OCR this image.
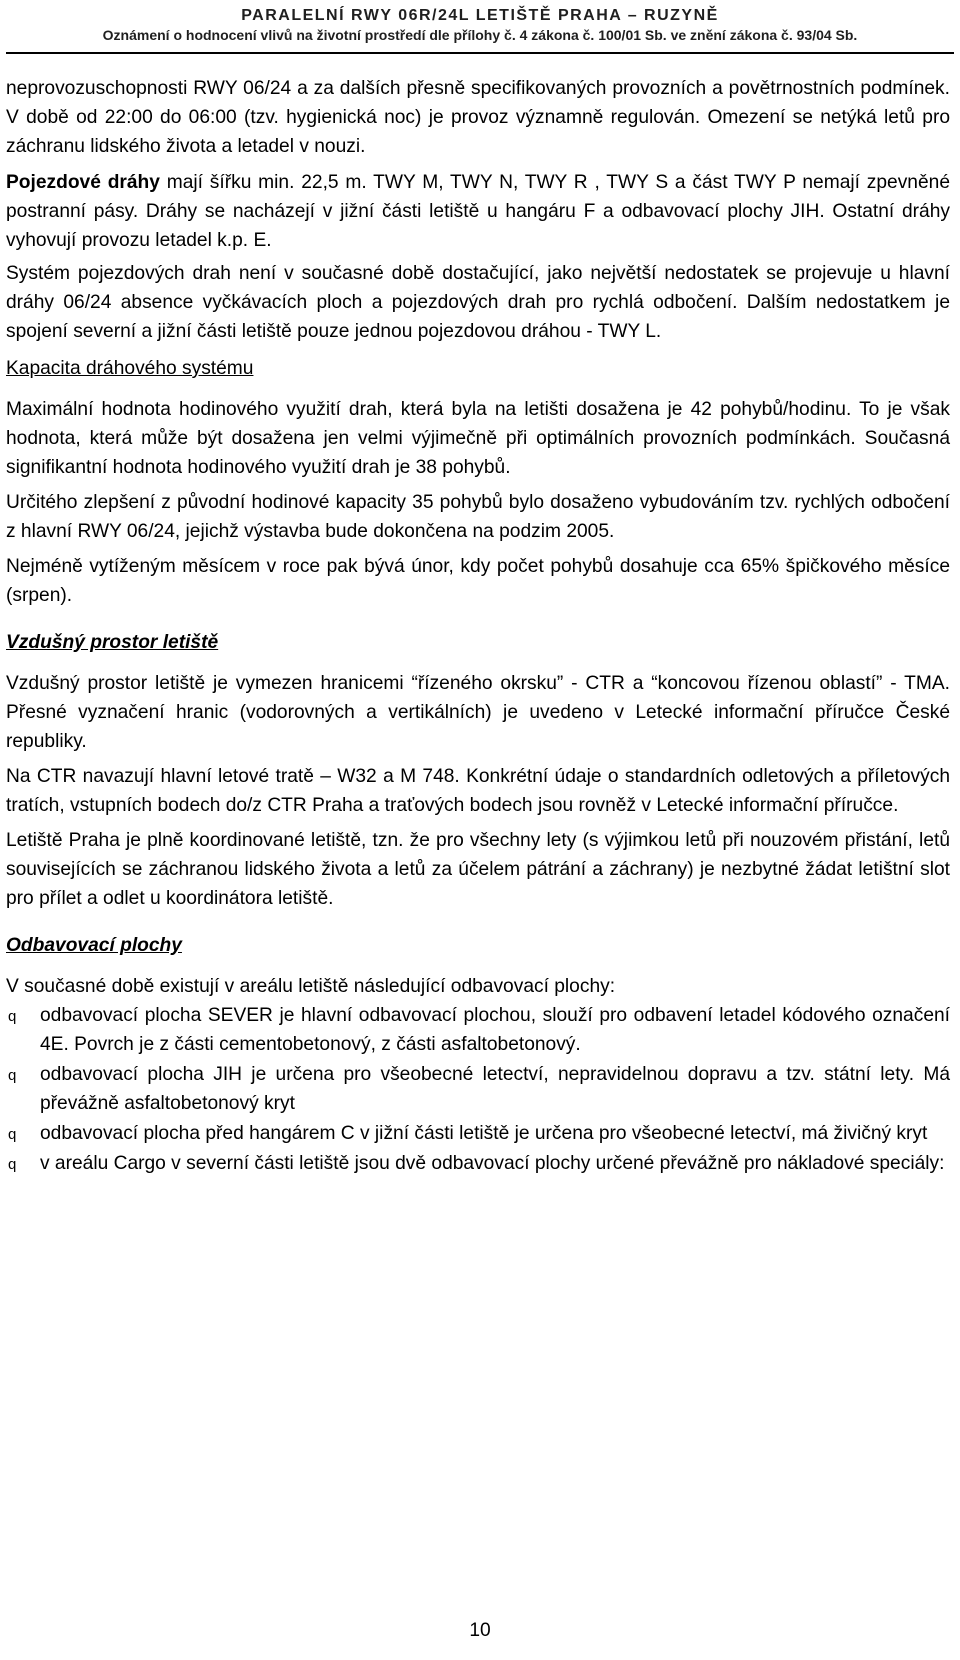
PARALELNÍ RWY 06R/24L LETIŠTĚ PRAHA – RUZYNĚ
Oznámení o hodnocení vlivů na životní prostředí dle přílohy č. 4 zákona č. 100/01 Sb. ve znění zákona č. 93/04 Sb.

neprovozuschopnosti RWY 06/24 a za dalších přesně specifikovaných provozních a povětrnostních podmínek. V době od 22:00 do 06:00 (tzv. hygienická noc) je provoz významně regulován. Omezení se netýká letů pro záchranu lidského života a letadel v nouzi.

Pojezdové dráhy mají šířku min. 22,5 m. TWY M, TWY N, TWY R , TWY S a část TWY P nemají zpevněné postranní pásy. Dráhy se nacházejí v jižní části letiště u hangáru F a odbavovací plochy JIH. Ostatní dráhy vyhovují provozu letadel k.p. E.

Systém pojezdových drah není v současné době dostačující, jako největší nedostatek se projevuje u hlavní dráhy 06/24 absence vyčkávacích ploch a pojezdových drah pro rychlá odbočení. Dalším nedostatkem je spojení severní a jižní části letiště pouze jednou pojezdovou dráhou - TWY L.

Kapacita dráhového systému

Maximální hodnota hodinového využití drah, která byla na letišti dosažena je 42 pohybů/hodinu. To je však hodnota, která může být dosažena jen velmi výjimečně při optimálních provozních podmínkách. Současná signifikantní hodnota hodinového využití drah je 38 pohybů.

Určitého zlepšení z původní hodinové kapacity 35 pohybů bylo dosaženo vybudováním tzv. rychlých odbočení z hlavní RWY 06/24, jejichž výstavba bude dokončena na podzim 2005.

Nejméně vytíženým měsícem v roce pak bývá únor, kdy počet pohybů dosahuje cca 65% špičkového měsíce (srpen).

Vzdušný prostor letiště

Vzdušný prostor letiště je vymezen hranicemi “řízeného okrsku” - CTR a “koncovou řízenou oblastí” - TMA. Přesné vyznačení hranic (vodorovných a vertikálních) je uvedeno v Letecké informační příručce České republiky.

Na CTR navazují hlavní letové tratě – W32 a M 748. Konkrétní údaje o standardních odletových a příletových tratích, vstupních bodech do/z CTR Praha a traťových bodech jsou rovněž v Letecké informační příručce.

Letiště Praha je plně koordinované letiště, tzn. že pro všechny lety (s výjimkou letů při nouzovém přistání, letů souvisejících se záchranou lidského života a letů za účelem pátrání a záchrany) je nezbytné žádat letištní slot pro přílet a odlet u koordinátora letiště.

Odbavovací plochy

V současné době existují v areálu letiště následující odbavovací plochy:

q odbavovací plocha SEVER je hlavní odbavovací plochou, slouží pro odbavení letadel kódového označení 4E. Povrch je z části cementobetonový, z části asfaltobetonový.
q odbavovací plocha JIH je určena pro všeobecné letectví, nepravidelnou dopravu a tzv. státní lety. Má převážně asfaltobetonový kryt
q odbavovací plocha před hangárem C v jižní části letiště je určena pro všeobecné letectví, má živičný kryt
q v areálu Cargo v severní části letiště jsou dvě odbavovací plochy určené převážně pro nákladové speciály:
10
